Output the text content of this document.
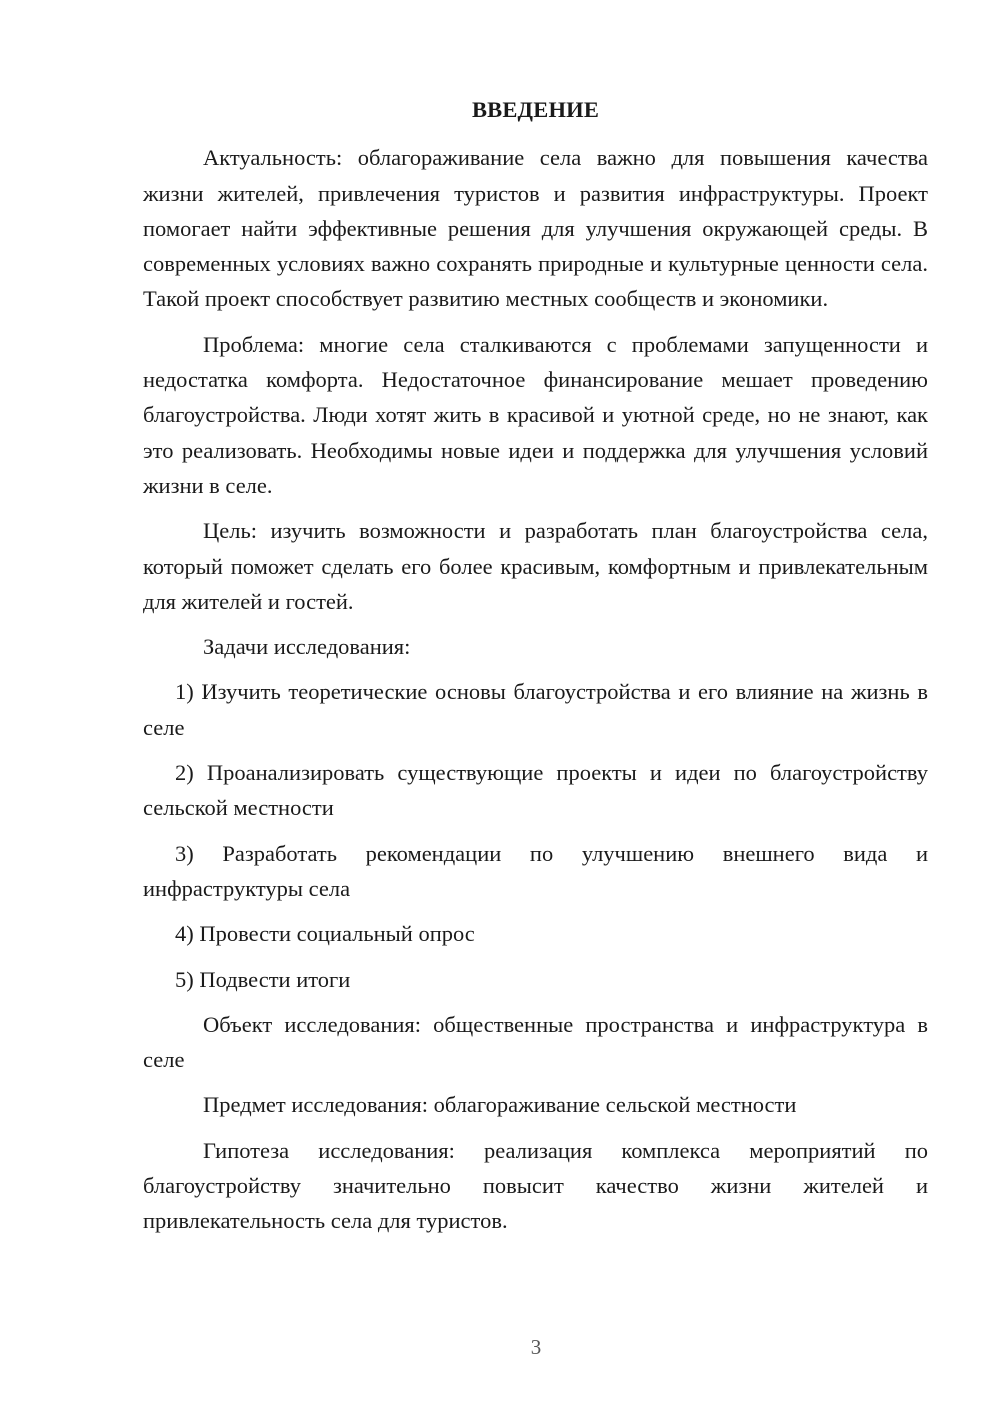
ВВЕДЕНИЕ

Актуальность: облагораживание села важно для повышения качества жизни жителей, привлечения туристов и развития инфраструктуры. Проект помогает найти эффективные решения для улучшения окружающей среды. В современных условиях важно сохранять природные и культурные ценности села. Такой проект способствует развитию местных сообществ и экономики.

Проблема: многие села сталкиваются с проблемами запущенности и недостатка комфорта. Недостаточное финансирование мешает проведению благоустройства. Люди хотят жить в красивой и уютной среде, но не знают, как это реализовать. Необходимы новые идеи и поддержка для улучшения условий жизни в селе.

Цель: изучить возможности и разработать план благоустройства села, который поможет сделать его более красивым, комфортным и привлекательным для жителей и гостей.

Задачи исследования:

1) Изучить теоретические основы благоустройства и его влияние на жизнь в селе

2) Проанализировать существующие проекты и идеи по благоустройству сельской местности

3) Разработать рекомендации по улучшению внешнего вида и инфраструктуры села

4) Провести социальный опрос

5) Подвести итоги

Объект исследования: общественные пространства и инфраструктура в селе

Предмет исследования: облагораживание сельской местности

Гипотеза исследования: реализация комплекса мероприятий по благоустройству значительно повысит качество жизни жителей и привлекательность села для туристов.

3
